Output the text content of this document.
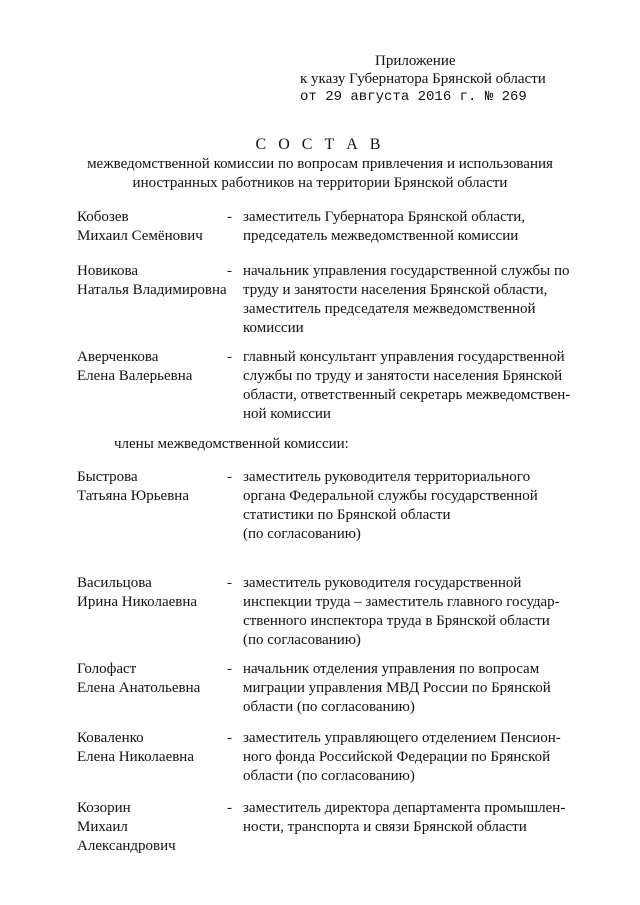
Приложение
к указу Губернатора Брянской области
от 29 августа 2016 г. № 269
С О С Т А В
межведомственной комиссии по вопросам привлечения и использования
иностранных работников на территории Брянской области
члены межведомственной комиссии:
Кобозев
Михаил Семёнович
- заместитель Губернатора Брянской области,
председатель межведомственной комиссии
Новикова
Наталья Владимировна
- начальник управления государственной службы по
труду и занятости населения Брянской области,
заместитель председателя межведомственной
комиссии
Аверченкова
Елена Валерьевна
- главный консультант управления государственной
службы по труду и занятости населения Брянской
области, ответственный секретарь межведомствен-
ной комиссии
Быстрова
Татьяна Юрьевна
- заместитель руководителя территориального
органа Федеральной службы государственной
статистики по Брянской области
(по согласованию)
Васильцова
Ирина Николаевна
- заместитель руководителя государственной
инспекции труда – заместитель главного государ-
ственного инспектора труда в Брянской области
(по согласованию)
Голофаст
Елена Анатольевна
- начальник отделения управления по вопросам
миграции управления МВД России по Брянской
области (по согласованию)
Коваленко
Елена Николаевна
- заместитель управляющего отделением Пенсион-
ного фонда Российской Федерации по Брянской
области (по согласованию)
Козорин
Михаил Александрович
- заместитель директора департамента промышлен-
ности, транспорта и связи Брянской области
